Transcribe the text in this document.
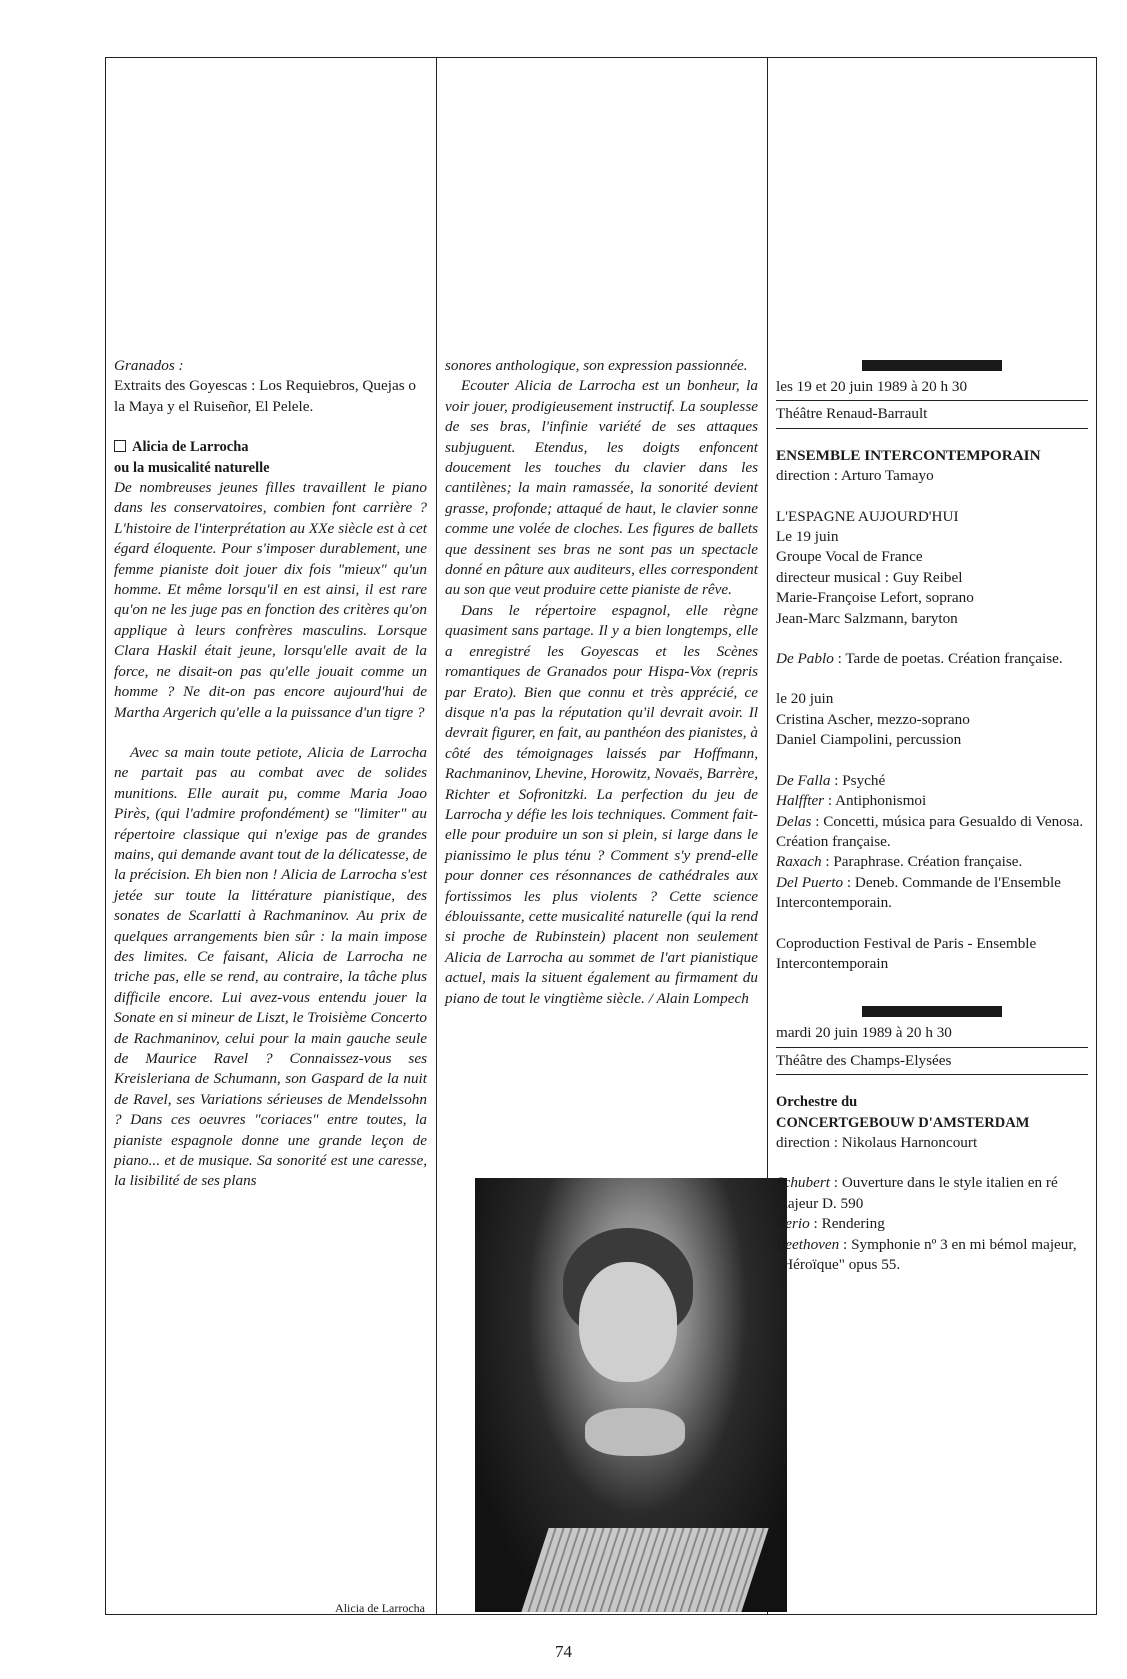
Granados :

Extraits des Goyescas : Los Requiebros, Quejas o la Maya y el Ruiseñor, El Pelele.

Alicia de Larrocha

ou la musicalité naturelle

De nombreuses jeunes filles travaillent le piano dans les conservatoires, combien font carrière ? L'histoire de l'interprétation au XXe siècle est à cet égard éloquente. Pour s'imposer durablement, une femme pianiste doit jouer dix fois "mieux" qu'un homme. Et même lorsqu'il en est ainsi, il est rare qu'on ne les juge pas en fonction des critères qu'on applique à leurs confrères masculins. Lorsque Clara Haskil était jeune, lorsqu'elle avait de la force, ne disait-on pas qu'elle jouait comme un homme ? Ne dit-on pas encore aujourd'hui de Martha Argerich qu'elle a la puissance d'un tigre ?

Avec sa main toute petiote, Alicia de Larrocha ne partait pas au combat avec de solides munitions. Elle aurait pu, comme Maria Joao Pirès, (qui l'admire profondément) se "limiter" au répertoire classique qui n'exige pas de grandes mains, qui demande avant tout de la délicatesse, de la précision. Eh bien non ! Alicia de Larrocha s'est jetée sur toute la littérature pianistique, des sonates de Scarlatti à Rachmaninov. Au prix de quelques arrangements bien sûr : la main impose des limites. Ce faisant, Alicia de Larrocha ne triche pas, elle se rend, au contraire, la tâche plus difficile encore. Lui avez-vous entendu jouer la Sonate en si mineur de Liszt, le Troisième Concerto de Rachmaninov, celui pour la main gauche seule de Maurice Ravel ? Connaissez-vous ses Kreisleriana de Schumann, son Gaspard de la nuit de Ravel, ses Variations sérieuses de Mendelssohn ? Dans ces oeuvres "coriaces" entre toutes, la pianiste espagnole donne une grande leçon de piano... et de musique. Sa sonorité est une caresse, la lisibilité de ses plans

sonores anthologique, son expression passionnée.

Ecouter Alicia de Larrocha est un bonheur, la voir jouer, prodigieusement instructif. La souplesse de ses bras, l'infinie variété de ses attaques subjuguent. Etendus, les doigts enfoncent doucement les touches du clavier dans les cantilènes; la main ramassée, la sonorité devient grasse, profonde; attaqué de haut, le clavier sonne comme une volée de cloches. Les figures de ballets que dessinent ses bras ne sont pas un spectacle donné en pâture aux auditeurs, elles correspondent au son que veut produire cette pianiste de rêve.

Dans le répertoire espagnol, elle règne quasiment sans partage. Il y a bien longtemps, elle a enregistré les Goyescas et les Scènes romantiques de Granados pour Hispa-Vox (repris par Erato). Bien que connu et très apprécié, ce disque n'a pas la réputation qu'il devrait avoir. Il devrait figurer, en fait, au panthéon des pianistes, à côté des témoignages laissés par Hoffmann, Rachmaninov, Lhevine, Horowitz, Novaës, Barrère, Richter et Sofronitzki. La perfection du jeu de Larrocha y défie les lois techniques. Comment fait-elle pour produire un son si plein, si large dans le pianissimo le plus ténu ? Comment s'y prend-elle pour donner ces résonnances de cathédrales aux fortissimos les plus violents ? Cette science éblouissante, cette musicalité naturelle (qui la rend si proche de Rubinstein) placent non seulement Alicia de Larrocha au sommet de l'art pianistique actuel, mais la situent également au firmament du piano de tout le vingtième siècle. / Alain Lompech

Alicia de Larrocha

les 19 et 20 juin 1989 à 20 h 30

Théâtre Renaud-Barrault

ENSEMBLE INTERCONTEMPORAIN

direction : Arturo Tamayo

L'ESPAGNE AUJOURD'HUI

Le 19 juin

Groupe Vocal de France

directeur musical : Guy Reibel

Marie-Françoise Lefort, soprano

Jean-Marc Salzmann, baryton

De Pablo : Tarde de poetas. Création française.

le 20 juin

Cristina Ascher, mezzo-soprano

Daniel Ciampolini, percussion

De Falla : Psyché

Halffter : Antiphonismoi

Delas : Concetti, música para Gesualdo di Venosa. Création française.

Raxach : Paraphrase. Création française.

Del Puerto : Deneb. Commande de l'Ensemble Intercontemporain.

Coproduction Festival de Paris - Ensemble Intercontemporain

mardi 20 juin 1989 à 20 h 30

Théâtre des Champs-Elysées

Orchestre du

CONCERTGEBOUW D'AMSTERDAM

direction : Nikolaus Harnoncourt

Schubert : Ouverture dans le style italien en ré majeur D. 590

Berio : Rendering

Beethoven : Symphonie nº 3 en mi bémol majeur, "Héroïque" opus 55.

74
